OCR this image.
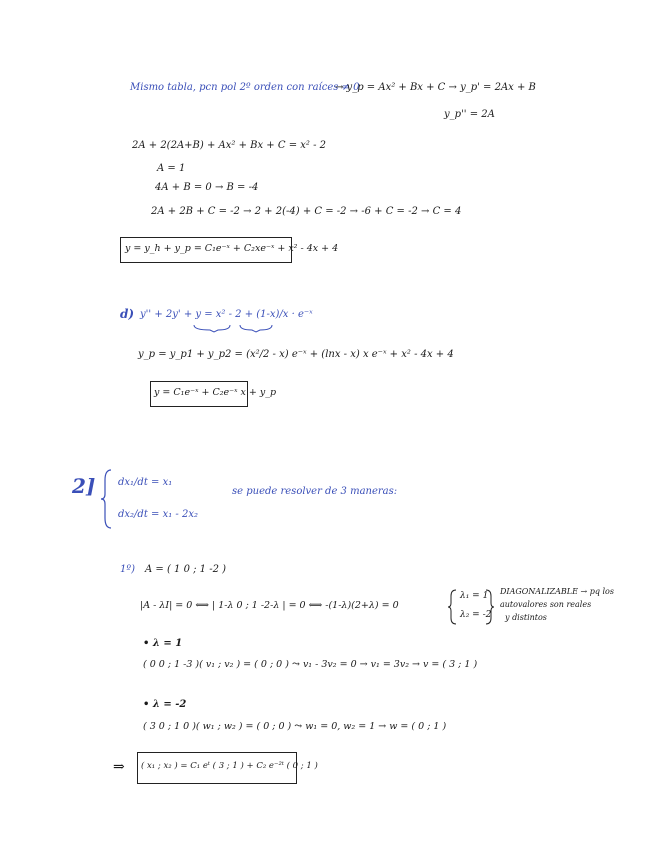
Mismo tabla, pcn pol 2º orden con raíces ≠ 0
→ y_p = Ax² + Bx + C → y_p' = 2Ax + B
y_p'' = 2A
2A + 2(2A+B) + Ax² + Bx + C = x² - 2
A = 1
4A + B = 0 → B = -4
2A + 2B + C = -2 → 2 + 2(-4) + C = -2 → -6 + C = -2 → C = 4
y = y_h + y_p = C₁e⁻ˣ + C₂xe⁻ˣ + x² - 4x + 4
d) y'' + 2y' + y = x² - 2 + (1-x)/x · e⁻ˣ
y_p = y_p1 + y_p2 = (x²/2 - x) e⁻ˣ + (lnx - x) x e⁻ˣ + x² - 4x + 4
y = C₁e⁻ˣ + C₂e⁻ˣ x + y_p
2] dx₁/dt = x₁
dx₂/dt = x₁ - 2x₂
se puede resolver de 3 maneras:
1º) A = ( 1 0 ; 1 -2 )
|A - λI| = 0 ⟺ | 1-λ 0 ; 1 -2-λ | = 0 ⟺ -(1-λ)(2+λ) = 0
λ₁ = 1
λ₂ = -2
DIAGONALIZABLE → pq los
autovalores son reales
y distintos
• λ = 1
( 0 0 ; 1 -3 )( v₁ ; v₂ ) = ( 0 ; 0 ) ⤳ v₁ - 3v₂ = 0 → v₁ = 3v₂ → v = ( 3 ; 1 )
• λ = -2
( 3 0 ; 1 0 )( w₁ ; w₂ ) = ( 0 ; 0 ) ⤳ w₁ = 0, w₂ = 1 → w = ( 0 ; 1 )
⇒ ( x₁ ; x₂ ) = C₁ eᵗ ( 3 ; 1 ) + C₂ e⁻²ᵗ ( 0 ; 1 )
